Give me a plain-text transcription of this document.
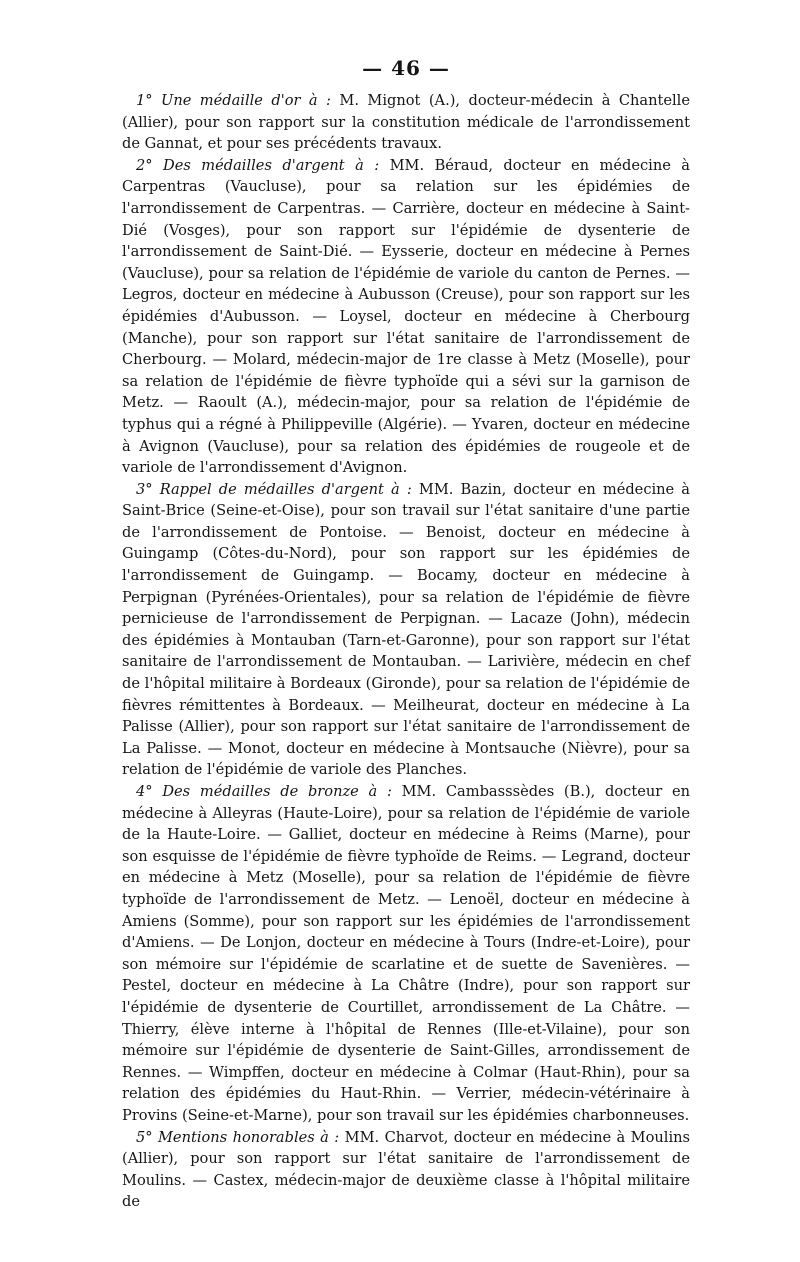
— 46 —

1° Une médaille d'or à : M. Mignot (A.), docteur-médecin à Chantelle (Allier), pour son rapport sur la constitution médicale de l'arrondissement de Gannat, et pour ses précédents travaux.

2° Des médailles d'argent à : MM. Béraud, docteur en médecine à Carpentras (Vaucluse), pour sa relation sur les épidémies de l'arrondissement de Carpentras. — Carrière, docteur en médecine à Saint-Dié (Vosges), pour son rapport sur l'épidémie de dysenterie de l'arrondissement de Saint-Dié. — Eysserie, docteur en médecine à Pernes (Vaucluse), pour sa relation de l'épidémie de variole du canton de Pernes. — Legros, docteur en médecine à Aubusson (Creuse), pour son rapport sur les épidémies d'Aubusson. — Loysel, docteur en médecine à Cherbourg (Manche), pour son rapport sur l'état sanitaire de l'arrondissement de Cherbourg. — Molard, médecin-major de 1re classe à Metz (Moselle), pour sa relation de l'épidémie de fièvre typhoïde qui a sévi sur la garnison de Metz. — Raoult (A.), médecin-major, pour sa relation de l'épidémie de typhus qui a régné à Philippeville (Algérie). — Yvaren, docteur en médecine à Avignon (Vaucluse), pour sa relation des épidémies de rougeole et de variole de l'arrondissement d'Avignon.

3° Rappel de médailles d'argent à : MM. Bazin, docteur en médecine à Saint-Brice (Seine-et-Oise), pour son travail sur l'état sanitaire d'une partie de l'arrondissement de Pontoise. — Benoist, docteur en médecine à Guingamp (Côtes-du-Nord), pour son rapport sur les épidémies de l'arrondissement de Guingamp. — Bocamy, docteur en médecine à Perpignan (Pyrénées-Orientales), pour sa relation de l'épidémie de fièvre pernicieuse de l'arrondissement de Perpignan. — Lacaze (John), médecin des épidémies à Montauban (Tarn-et-Garonne), pour son rapport sur l'état sanitaire de l'arrondissement de Montauban. — Larivière, médecin en chef de l'hôpital militaire à Bordeaux (Gironde), pour sa relation de l'épidémie de fièvres rémittentes à Bordeaux. — Meilheurat, docteur en médecine à La Palisse (Allier), pour son rapport sur l'état sanitaire de l'arrondissement de La Palisse. — Monot, docteur en médecine à Montsauche (Nièvre), pour sa relation de l'épidémie de variole des Planches.

4° Des médailles de bronze à : MM. Cambasssèdes (B.), docteur en médecine à Alleyras (Haute-Loire), pour sa relation de l'épidémie de variole de la Haute-Loire. — Galliet, docteur en médecine à Reims (Marne), pour son esquisse de l'épidémie de fièvre typhoïde de Reims. — Legrand, docteur en médecine à Metz (Moselle), pour sa relation de l'épidémie de fièvre typhoïde de l'arrondissement de Metz. — Lenoël, docteur en médecine à Amiens (Somme), pour son rapport sur les épidémies de l'arrondissement d'Amiens. — De Lonjon, docteur en médecine à Tours (Indre-et-Loire), pour son mémoire sur l'épidémie de scarlatine et de suette de Savenières. — Pestel, docteur en médecine à La Châtre (Indre), pour son rapport sur l'épidémie de dysenterie de Courtillet, arrondissement de La Châtre. — Thierry, élève interne à l'hôpital de Rennes (Ille-et-Vilaine), pour son mémoire sur l'épidémie de dysenterie de Saint-Gilles, arrondissement de Rennes. — Wimpffen, docteur en médecine à Colmar (Haut-Rhin), pour sa relation des épidémies du Haut-Rhin. — Verrier, médecin-vétérinaire à Provins (Seine-et-Marne), pour son travail sur les épidémies charbonneuses.

5° Mentions honorables à : MM. Charvot, docteur en médecine à Moulins (Allier), pour son rapport sur l'état sanitaire de l'arrondissement de Moulins. — Castex, médecin-major de deuxième classe à l'hôpital militaire de
